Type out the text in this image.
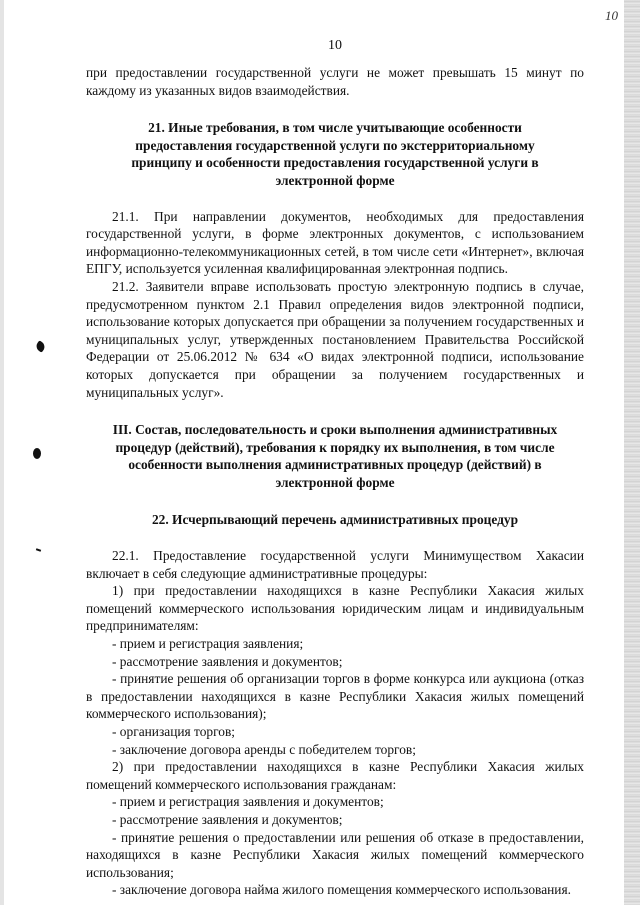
10
10

при предоставлении государственной услуги не может превышать 15 минут по каждому из указанных видов взаимодействия.

21. Иные требования, в том числе учитывающие особенности предоставления государственной услуги по экстерриториальному принципу и особенности предоставления государственной услуги в электронной форме

21.1. При направлении документов, необходимых для предоставления государственной услуги, в форме электронных документов, с использованием информационно-телекоммуникационных сетей, в том числе сети «Интернет», включая ЕПГУ, используется усиленная квалифицированная электронная подпись.

21.2. Заявители вправе использовать простую электронную подпись в случае, предусмотренном пунктом 2.1 Правил определения видов электронной подписи, использование которых допускается при обращении за получением государственных и муниципальных услуг, утвержденных постановлением Правительства Российской Федерации от 25.06.2012 № 634 «О видах электронной подписи, использование которых допускается при обращении за получением государственных и муниципальных услуг».

III. Состав, последовательность и сроки выполнения административных процедур (действий), требования к порядку их выполнения, в том числе особенности выполнения административных процедур (действий) в электронной форме

22. Исчерпывающий перечень административных процедур

22.1. Предоставление государственной услуги Минимуществом Хакасии включает в себя следующие административные процедуры:

1) при предоставлении находящихся в казне Республики Хакасия жилых помещений коммерческого использования юридическим лицам и индивидуальным предпринимателям:

- прием и регистрация заявления;

- рассмотрение заявления и документов;

- принятие решения об организации торгов в форме конкурса или аукциона (отказ в предоставлении находящихся в казне Республики Хакасия жилых помещений коммерческого использования);

- организация торгов;

- заключение договора аренды с победителем торгов;

2) при предоставлении находящихся в казне Республики Хакасия жилых помещений коммерческого использования гражданам:

- прием и регистрация заявления и документов;

- рассмотрение заявления и документов;

- принятие решения о предоставлении или решения об отказе в предоставлении, находящихся в казне Республики Хакасия жилых помещений коммерческого использования;

- заключение договора найма жилого помещения коммерческого использования.
